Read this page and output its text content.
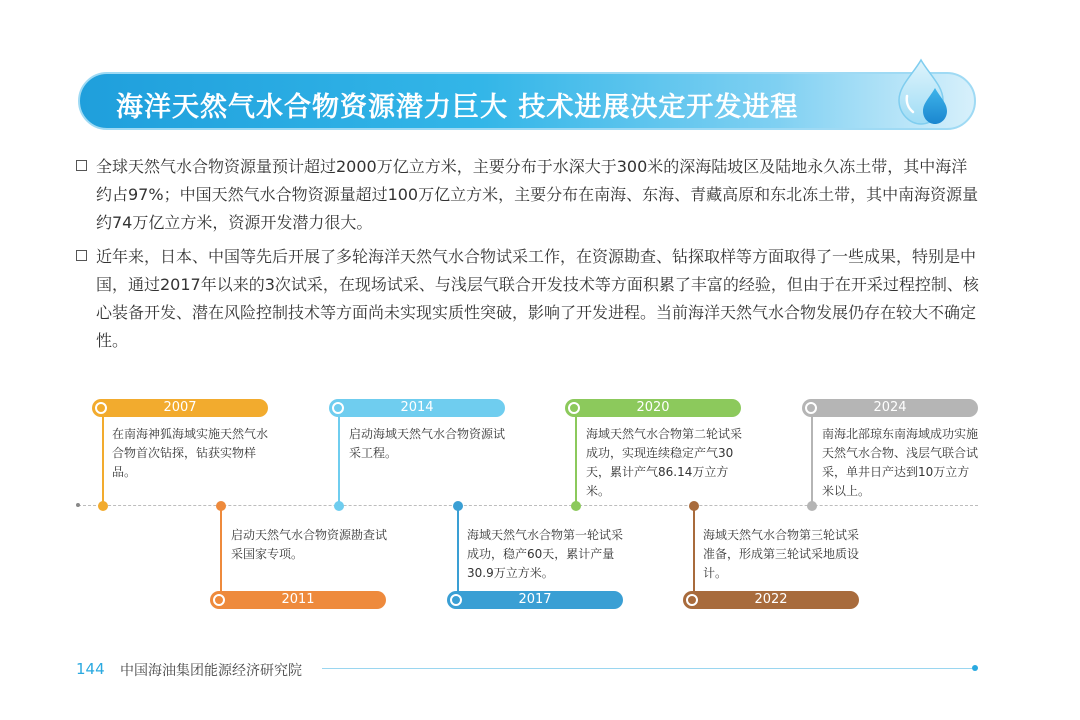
海洋天然气水合物资源潜力巨大 技术进展决定开发进程
全球天然气水合物资源量预计超过2000万亿立方米，主要分布于水深大于300米的深海陆坡区及陆地永久冻土带，其中海洋约占97%；中国天然气水合物资源量超过100万亿立方米，主要分布在南海、东海、青藏高原和东北冻土带，其中南海资源量约74万亿立方米，资源开发潜力很大。
近年来，日本、中国等先后开展了多轮海洋天然气水合物试采工作，在资源勘查、钻探取样等方面取得了一些成果，特别是中国，通过2017年以来的3次试采，在现场试采、与浅层气联合开发技术等方面积累了丰富的经验，但由于在开采过程控制、核心装备开发、潜在风险控制技术等方面尚未实现实质性突破，影响了开发进程。当前海洋天然气水合物发展仍存在较大不确定性。
2007
在南海神狐海域实施天然气水合物首次钻探，钻获实物样品。
2011
启动天然气水合物资源勘查试采国家专项。
2014
启动海域天然气水合物资源试采工程。
2017
海域天然气水合物第一轮试采成功，稳产60天，累计产量30.9万立方米。
2020
海域天然气水合物第二轮试采成功，实现连续稳定产气30天，累计产气86.14万立方米。
2022
海域天然气水合物第三轮试采准备，形成第三轮试采地质设计。
2024
南海北部琼东南海域成功实施天然气水合物、浅层气联合试采，单井日产达到10万立方米以上。
144 中国海油集团能源经济研究院
